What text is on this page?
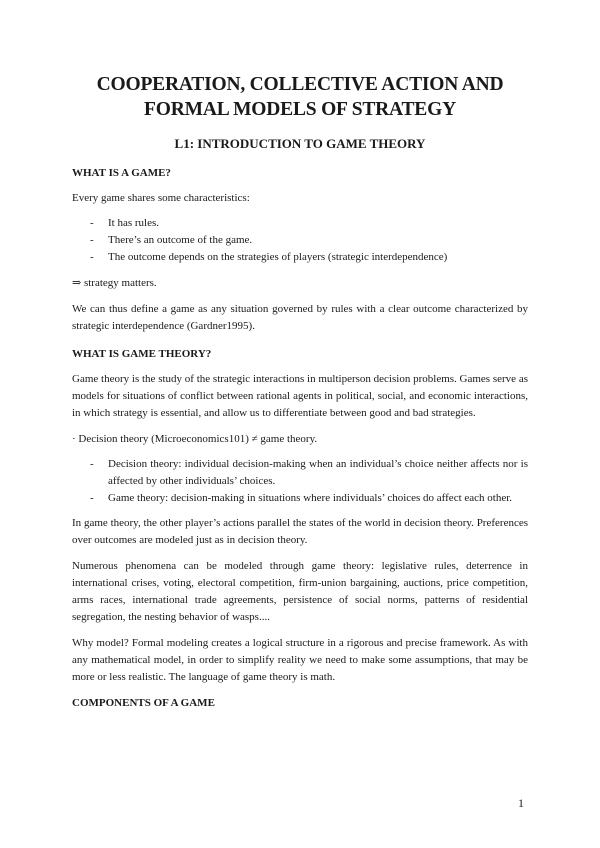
COOPERATION, COLLECTIVE ACTION AND
FORMAL MODELS OF STRATEGY
L1: INTRODUCTION TO GAME THEORY
WHAT IS A GAME?
Every game shares some characteristics:
- It has rules.
- There’s an outcome of the game.
- The outcome depends on the strategies of players (strategic interdependence)
⇒ strategy matters.
We can thus define a game as any situation governed by rules with a clear outcome characterized by strategic interdependence (Gardner1995).
WHAT IS GAME THEORY?
Game theory is the study of the strategic interactions in multiperson decision problems. Games serve as models for situations of conflict between rational agents in political, social, and economic interactions, in which strategy is essential, and allow us to differentiate between good and bad strategies.
· Decision theory (Microeconomics101) ≠ game theory.
- Decision theory: individual decision-making when an individual’s choice neither affects nor is affected by other individuals’ choices.
- Game theory: decision-making in situations where individuals’ choices do affect each other.
In game theory, the other player’s actions parallel the states of the world in decision theory. Preferences over outcomes are modeled just as in decision theory.
Numerous phenomena can be modeled through game theory: legislative rules, deterrence in international crises, voting, electoral competition, firm-union bargaining, auctions, price competition, arms races, international trade agreements, persistence of social norms, patterns of residential segregation, the nesting behavior of wasps....
Why model? Formal modeling creates a logical structure in a rigorous and precise framework. As with any mathematical model, in order to simplify reality we need to make some assumptions, that may be more or less realistic. The language of game theory is math.
COMPONENTS OF A GAME
1
